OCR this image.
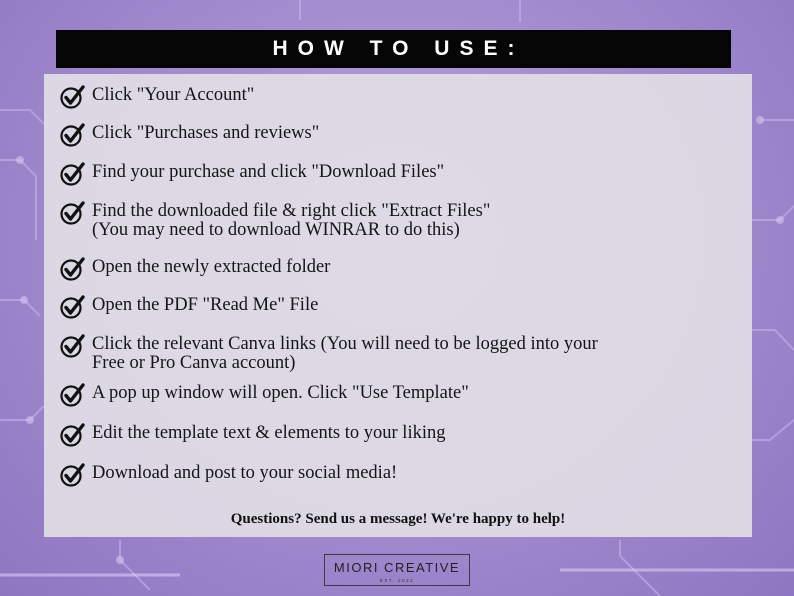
HOW TO USE:
Click "Your Account"
Click "Purchases and reviews"
Find your purchase and click "Download Files"
Find the downloaded file & right click "Extract Files"
(You may need to download WINRAR to do this)
Open the newly extracted folder
Open the PDF "Read Me" File
Click the relevant Canva links (You will need to be logged into your
Free or Pro Canva account)
A pop up window will open. Click "Use Template"
Edit the template text & elements to your liking
Download and post to your social media!
Questions? Send us a message! We're happy to help!
MIORI CREATIVE
EST. 2022
